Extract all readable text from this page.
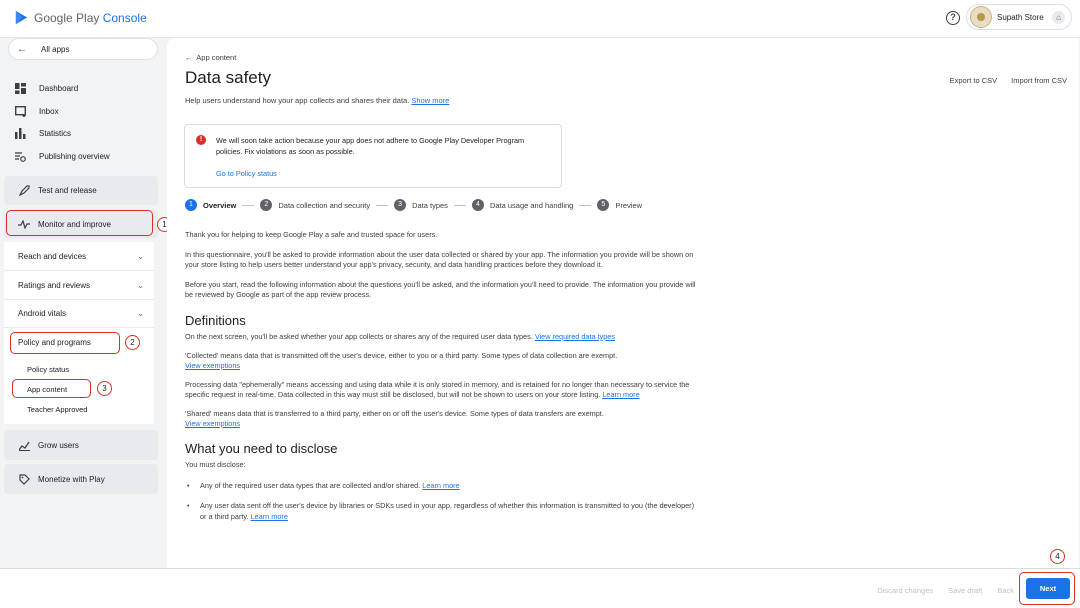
Google Play Console	?	Supath Store	⌂
←	All apps
Dashboard
Inbox
Statistics
Publishing overview
Test and release
Monitor and improve	1
Reach and devices	⌄
Ratings and reviews	⌄
Android vitals	⌄
Policy and programs	2
Policy status
App content	3
Teacher Approved
Grow users
Monetize with Play
← App content
Data safety
Help users understand how your app collects and shares their data. Show more
Export to CSV Import from CSV
!	We will soon take action because your app does not adhere to Google Play Developer Program policies. Fix violations as soon as possible.
Go to Policy status
1	Overview	2	Data collection and security	3	Data types	4	Data usage and handling	5	Preview

Thank you for helping to keep Google Play a safe and trusted space for users.

In this questionnaire, you'll be asked to provide information about the user data collected or shared by your app. The information you provide will be shown on your store listing to help users better understand your app's privacy, security, and data handling practices before they download it.

Before you start, read the following information about the questions you'll be asked, and the information you'll need to provide. The information you provide will be reviewed by Google as part of the app review process.

Definitions

On the next screen, you'll be asked whether your app collects or shares any of the required user data types. View required data types

'Collected' means data that is transmitted off the user's device, either to you or a third party. Some types of data collection are exempt.
View exemptions

Processing data "ephemerally" means accessing and using data while it is only stored in memory, and is retained for no longer than necessary to service the specific request in real-time. Data collected in this way must still be disclosed, but will not be shown to users on your store listing. Learn more

'Shared' means data that is transferred to a third party, either on or off the user's device. Some types of data transfers are exempt.
View exemptions

What you need to disclose

You must disclose:

• Any of the required user data types that are collected and/or shared. Learn more
• Any user data sent off the user's device by libraries or SDKs used in your app, regardless of whether this information is transmitted to you (the developer) or a third party. Learn more
Discard changes Save draft Back
4
Next
